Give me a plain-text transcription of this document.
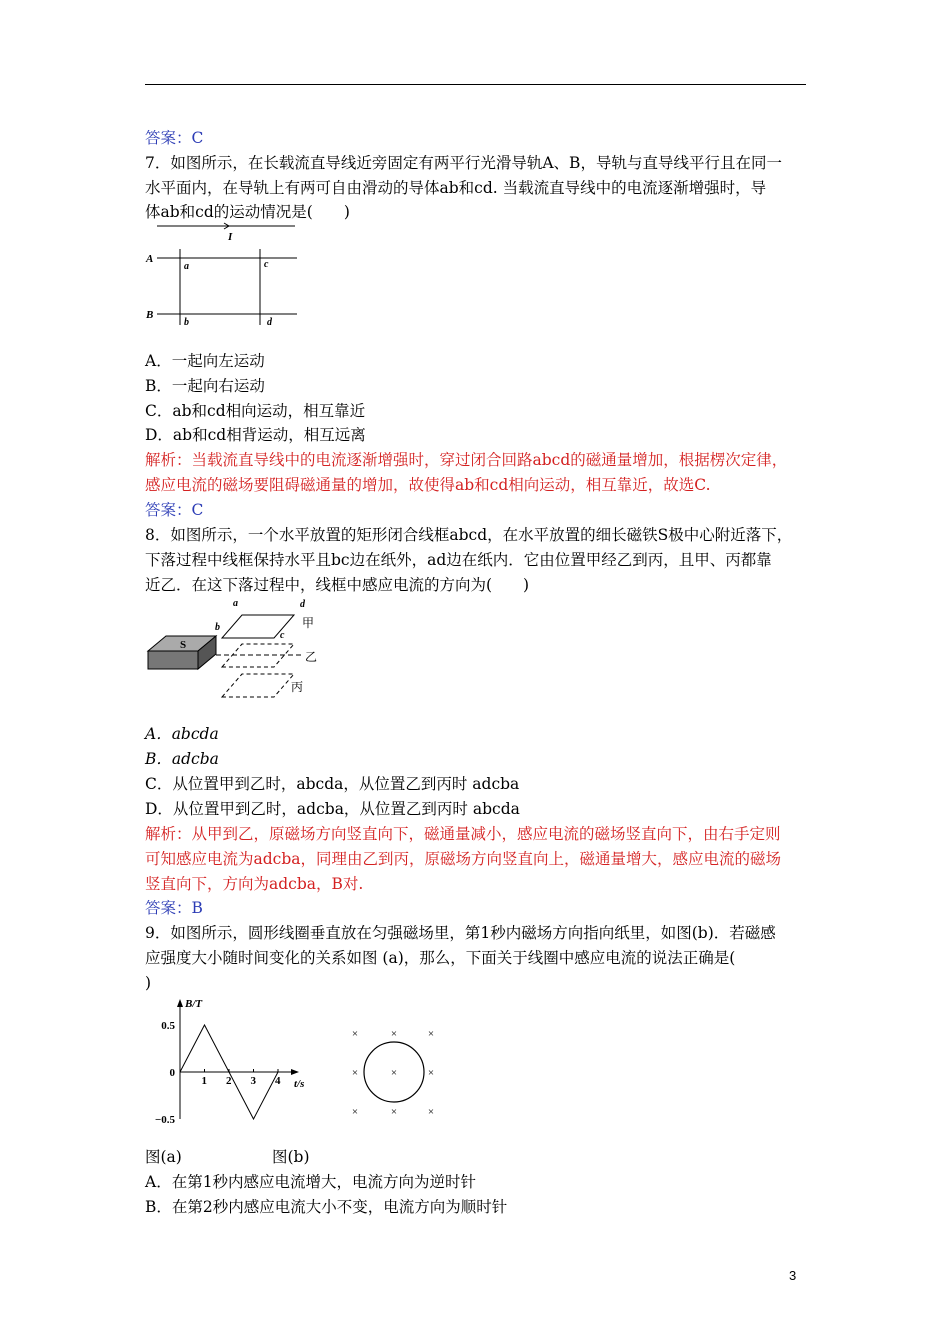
答案：C
7．如图所示，在长载流直导线近旁固定有两平行光滑导轨A、B，导轨与直导线平行且在同一
水平面内，在导轨上有两可自由滑动的导体ab和cd. 当载流直导线中的电流逐渐增强时，导
体ab和cd的运动情况是(　　)
I
A
B
a	c
b	d
A．一起向左运动
B．一起向右运动
C．ab和cd相向运动，相互靠近
D．ab和cd相背运动，相互远离
解析：当载流直导线中的电流逐渐增强时，穿过闭合回路abcd的磁通量增加，根据楞次定律，
感应电流的磁场要阻碍磁通量的增加，故使得ab和cd相向运动，相互靠近，故选C.
答案：C
8．如图所示，一个水平放置的矩形闭合线框abcd，在水平放置的细长磁铁S极中心附近落下，
下落过程中线框保持水平且bc边在纸外，ad边在纸内．它由位置甲经乙到丙，且甲、丙都靠
近乙．在这下落过程中，线框中感应电流的方向为(　　)
S
a	d
b
c
甲
乙
丙
A．abcda
B．adcba
C．从位置甲到乙时，abcda，从位置乙到丙时 adcba
D．从位置甲到乙时，adcba，从位置乙到丙时 abcda
解析：从甲到乙，原磁场方向竖直向下，磁通量减小，感应电流的磁场竖直向下，由右手定则
可知感应电流为adcba，同理由乙到丙，原磁场方向竖直向上，磁通量增大，感应电流的磁场
竖直向下，方向为adcba，B对.
答案：B
9．如图所示，圆形线圈垂直放在匀强磁场里，第1秒内磁场方向指向纸里，如图(b)．若磁感
应强度大小随时间变化的关系如图 (a)，那么，下面关于线圈中感应电流的说法正确是(
)
B/T
t/s
1 2 3 4
0.5
0
−0.5
×	×	×
×	×	×
×	×	×
图(a)	图(b)
A．在第1秒内感应电流增大，电流方向为逆时针
B．在第2秒内感应电流大小不变，电流方向为顺时针
3
